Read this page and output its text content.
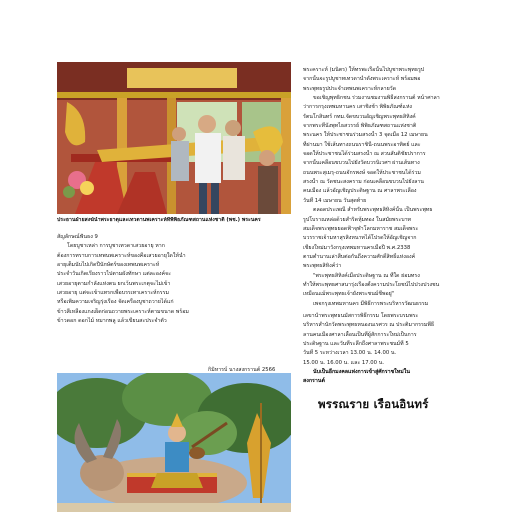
ประธานฝ่ายสงฆ์นำพระธาตุและเทวดานพเคราะห์ที่พิพิธภัณฑสถานแห่งชาติ (พช.) พระนคร

สัญลักษณ์ฟันธง 9

โดยบูชาเหล่า การบูชาเทวดาเสวยอายุ หาก

ต้องการทราบการเทพนพเคราะห์ของคือเสวยอายุใดให้นำ

อายุเต็มนับไปเกิดปีนักษัตร์ของเทพนพเคราะห์

ประจำวันเกิดเรียงราวไปตามผังทักษา แต่ละองค์จะ

เสวยอายุตามกำลังแห่งตน ยกเว้นพระเกตุจะไม่เข้า

เสวยอายุ แต่จะเข้าแทรกเพื่อบรรเทาเคราะห์กรรม

หรือเพิ่มความเจริญรุ่งเรือง จัดเครื่องบูชาถวายได้แก่

ข้าวสีเหลืองแกงเผ็ดก่อนถวายพระเคราะห์ตามขนาด พร้อม

ข้าวดอก ดอกไม้ หมากพลู แล้วเขียนสะประจำตัว

กิมิหารบ์ นางสงกรานต์ 2566

พระคราะห์ (มนิตร) ให้ทรพะเรือนั้นไปบูชาพระพุทธรูป

จากนั้นจะรูปบูชาทเทวดานำดังพระเคราะห์ พร้อมพอ

พระพุทธรูปประจำเทพนพเคราะห์กลายวัด

ขอเชิญพุทธิกชน ร่วมงานชมงานพิธีสงกรานต์ หน้าศาลา

ว่าการกรุงเทพมหานคร เสาชิงช้า พิพิธภัณฑ์แห่ง

รัตนโกสินทร์ กทม.จัดขบวนอัญเชิญพระพุทธสิหิงค์

จากพระที่นั่งพุทไธสวรรย์ พิพิธภัณฑสถานแห่งชาติ

พระนคร ให้ประชาชนร่วมสรงน้ำ 3 จุดเมื่อ 12 เมษายน

ที่ผ่านมา ใช้เส้นทางถนนราชินี-ถนนพระอาทิตย์ และ

จอดให้ประชาชนได้ร่วมสรงน้ำ ณ สวนสันติชัยปราการ

จากนั้นเคลื่อนขบวนไปยังวัดบวรนิเวศฯ ผ่านเส้นทาง

ถนนพระสุเมรุ-ถนนจักรพงษ์ จอดให้ประชาชนได้ร่วม

สรงน้ำ ณ วัดชนะสงคราม ก่อนเคลื่อนขบวนไปยังลาน

คนเมือง แล้วอัญเชิญประดิษฐาน ณ ศาลาพระเลือง

วันที่ 14 เมษายน วันสุดท้าย

ตลอดประเพณี สำหรับพระพุทธสิหิงค์นั้น เป็นพระพุทธ

รูปโบราณหล่อด้วยสำริดหุ้มทอง ในสมัยพระบาท

สมเด็จพระพุทธยอดฟ้าจุฬาโลกมหาราช สมเด็จพระ

บวรราชเจ้ามหาสุรสิงหนาทได้โปรดให้อัญเชิญจาก

เชียงใหม่มาวังกรุงเทพมหานครเมื่อปี พ.ศ.2338

ตามตำนานเล่าสืบต่อกันถึงความศักดิ์สิทธิ์แห่งองค์

พระพุทธสิหิงค์ว่า

"พระพุทธสิหิงค์เมื่อประดิษฐาน ณ ที่ใด ย่อมทรง

ทำให้พระพุทธศาสนารุ่งเรืองตั้งความประโยชน์ไปปวงปวงชน

เหมือนแม้พระพุทธเจ้ายังพระชนม์ชีพอยู่"

เพจกรุงเทพมหานคร มีพิธีการพระบริหารวัฒนธรรม

เลขานำพระพุทธนมัสการพิธีกรรม โดยพระบรมพระ

บริหารสำนักวัดพระพุทธหนองนเรศวร ณ ประติมากรรมพีธี

ลานคนเมืองศาลาเลื้อนเป็นที่ผู้สักการะใหม่เป็นการ

ประดิษฐาน และวันที่ระลึกถึงศาลาพระชนม์ที่ 5

วันที่ 5 ระหว่างเวลา 13.00 น. 14.00 น.

15.00 น. 16.00 น. และ 17.00 น.

นับเป็นอีกมงคลแห่งการเข้าสู่ศักราชใหม่ใน

สงกรานต์

พรรณราย เรือนอินทร์
